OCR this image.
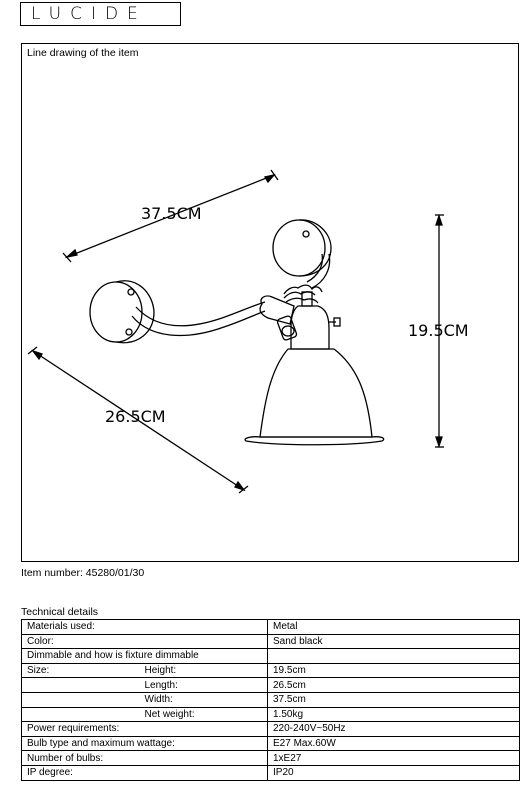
LUCIDE
Line drawing of the item
37.5CM
26.5CM
19.5CM
Item number: 45280/01/30
Technical details
Materials used:		Metal
Color:		Sand black
Dimmable and how is fixture dimmable		
Size:	Height:	19.5cm
	Length:	26.5cm
	Width:	37.5cm
	Net weight:	1.50kg
Power requirements:		220-240V~50Hz
Bulb type and maximum wattage:		E27 Max.60W
Number of bulbs:		1xE27
IP degree:		IP20
